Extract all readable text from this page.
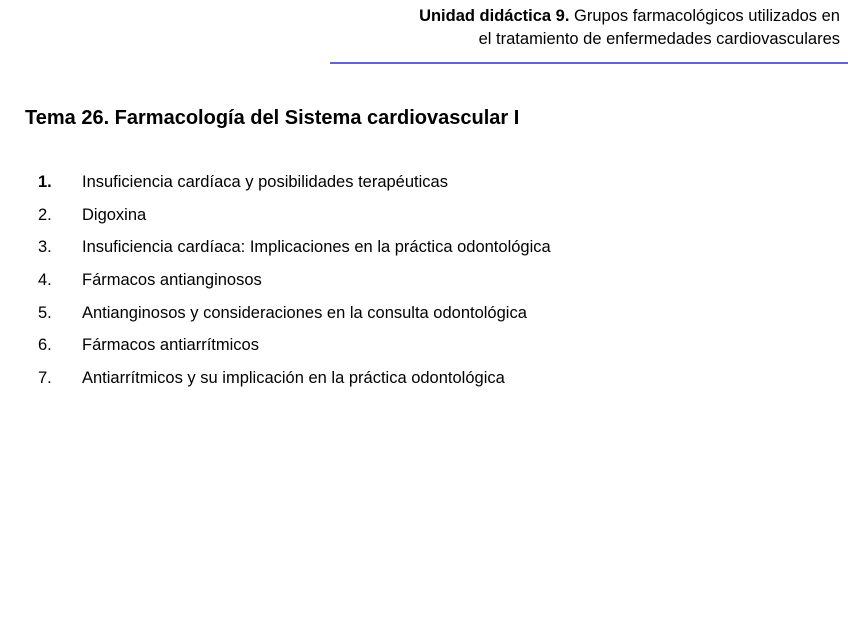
Unidad didáctica 9. Grupos farmacológicos utilizados en
el tratamiento de enfermedades cardiovasculares
Tema 26. Farmacología del Sistema cardiovascular I
1.	Insuficiencia cardíaca y posibilidades terapéuticas
2.	Digoxina
3.	Insuficiencia cardíaca: Implicaciones en la práctica odontológica
4.	Fármacos antianginosos
5.	Antianginosos y consideraciones en la consulta odontológica
6.	Fármacos antiarrítmicos
7.	Antiarrítmicos y su implicación en la práctica odontológica
